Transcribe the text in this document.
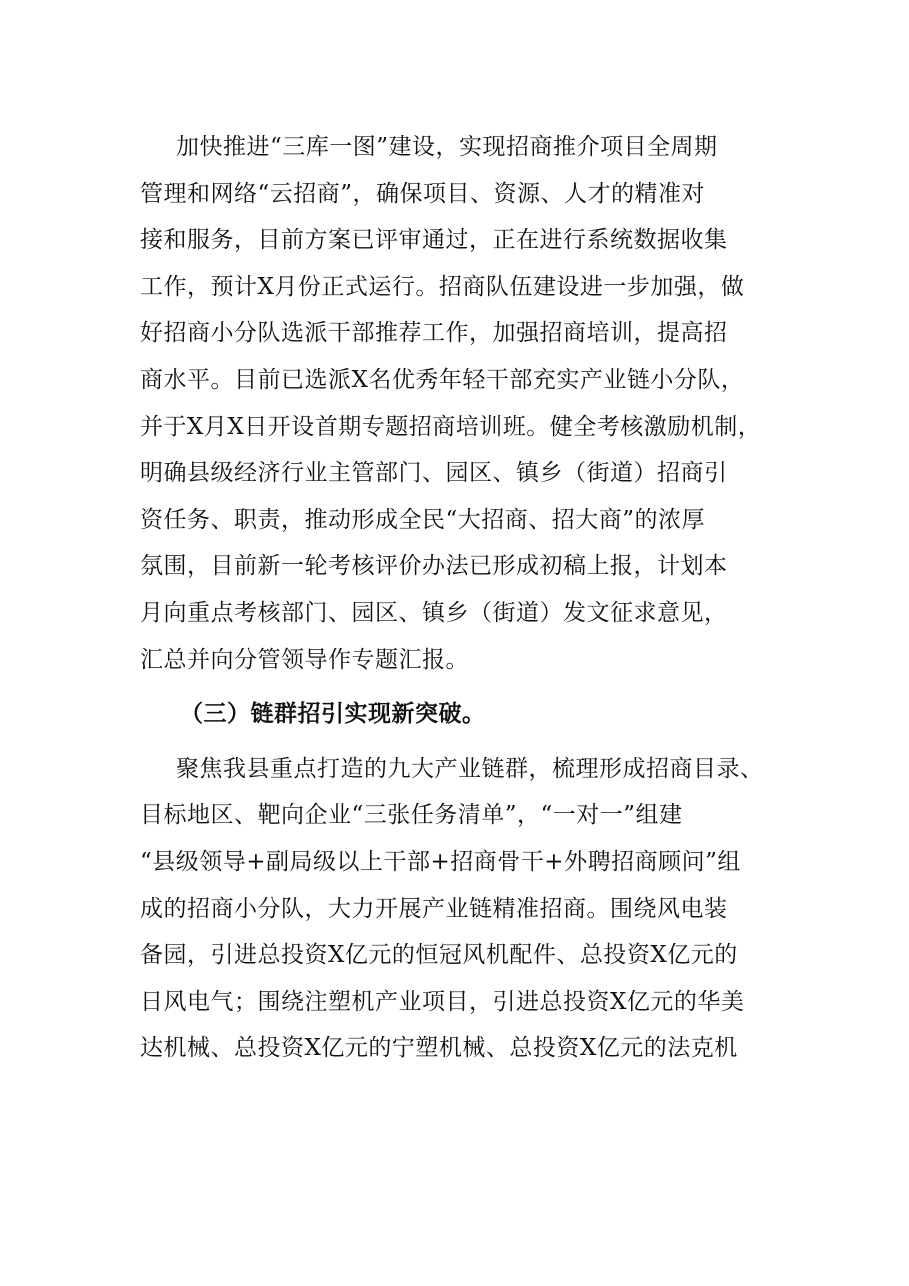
加快推进“三库一图”建设，实现招商推介项目全周期
管理和网络“云招商”，确保项目、资源、人才的精准对
接和服务，目前方案已评审通过，正在进行系统数据收集
工作，预计X月份正式运行。招商队伍建设进一步加强，做
好招商小分队选派干部推荐工作，加强招商培训，提高招
商水平。目前已选派X名优秀年轻干部充实产业链小分队，
并于X月X日开设首期专题招商培训班。健全考核激励机制，
明确县级经济行业主管部门、园区、镇乡（街道）招商引
资任务、职责，推动形成全民“大招商、招大商”的浓厚
氛围，目前新一轮考核评价办法已形成初稿上报，计划本
月向重点考核部门、园区、镇乡（街道）发文征求意见，
汇总并向分管领导作专题汇报。
（三）链群招引实现新突破。
聚焦我县重点打造的九大产业链群，梳理形成招商目录、
目标地区、靶向企业“三张任务清单”，“一对一”组建
“县级领导+副局级以上干部+招商骨干+外聘招商顾问”组
成的招商小分队，大力开展产业链精准招商。围绕风电装
备园，引进总投资X亿元的恒冠风机配件、总投资X亿元的
日风电气；围绕注塑机产业项目，引进总投资X亿元的华美
达机械、总投资X亿元的宁塑机械、总投资X亿元的法克机
